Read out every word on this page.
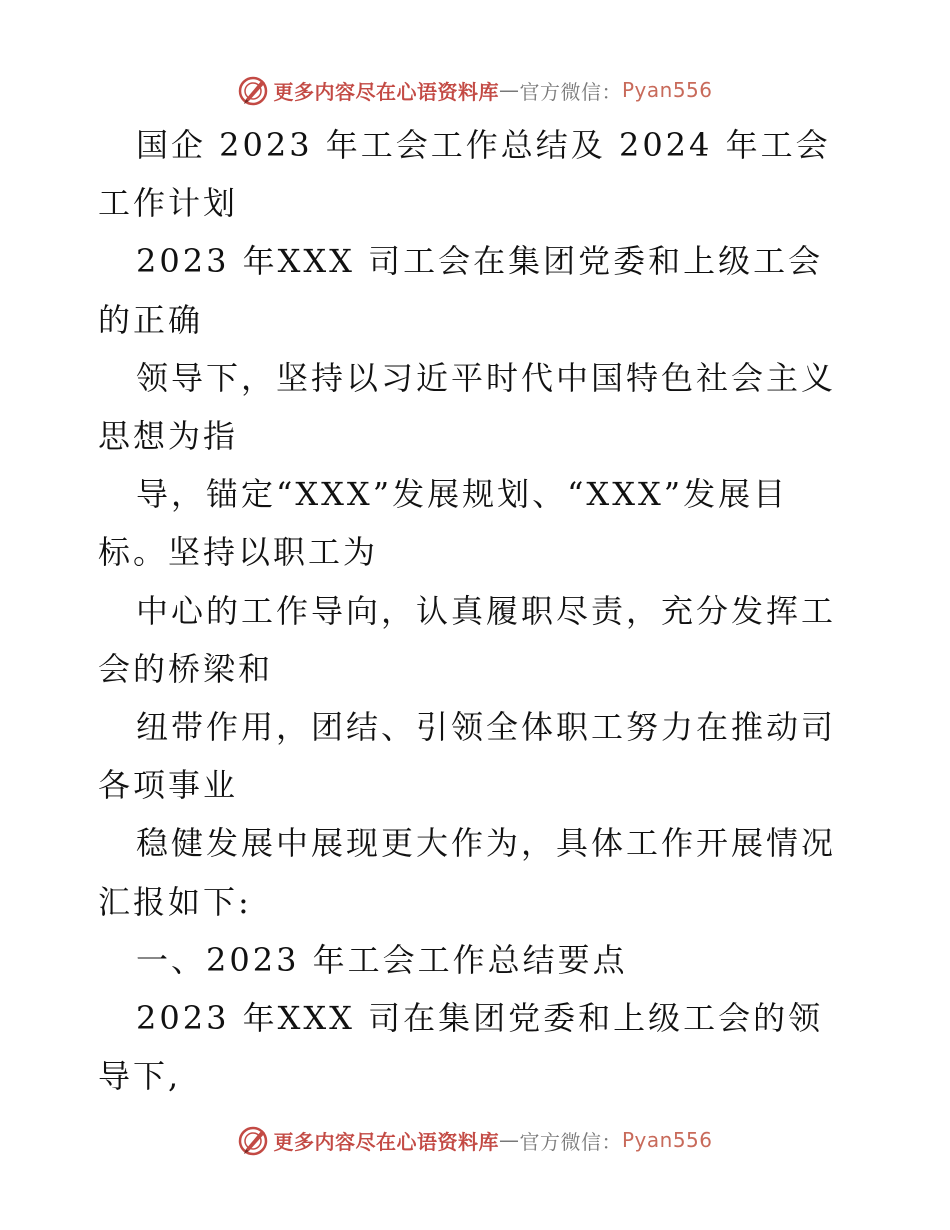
更多内容尽在心语资料库 — 官方微信： Pyan556

国企 2023 年工会工作总结及 2024 年工会工作计划

2023 年XXX 司工会在集团党委和上级工会的正确

领导下，坚持以习近平时代中国特色社会主义思想为指

导，锚定“XXX”发展规划、“XXX”发展目标。坚持以职工为

中心的工作导向，认真履职尽责，充分发挥工会的桥梁和

纽带作用，团结、引领全体职工努力在推动司各项事业

稳健发展中展现更大作为，具体工作开展情况汇报如下:

一、2023 年工会工作总结要点

2023 年XXX 司在集团党委和上级工会的领导下,

更多内容尽在心语资料库 — 官方微信： Pyan556
